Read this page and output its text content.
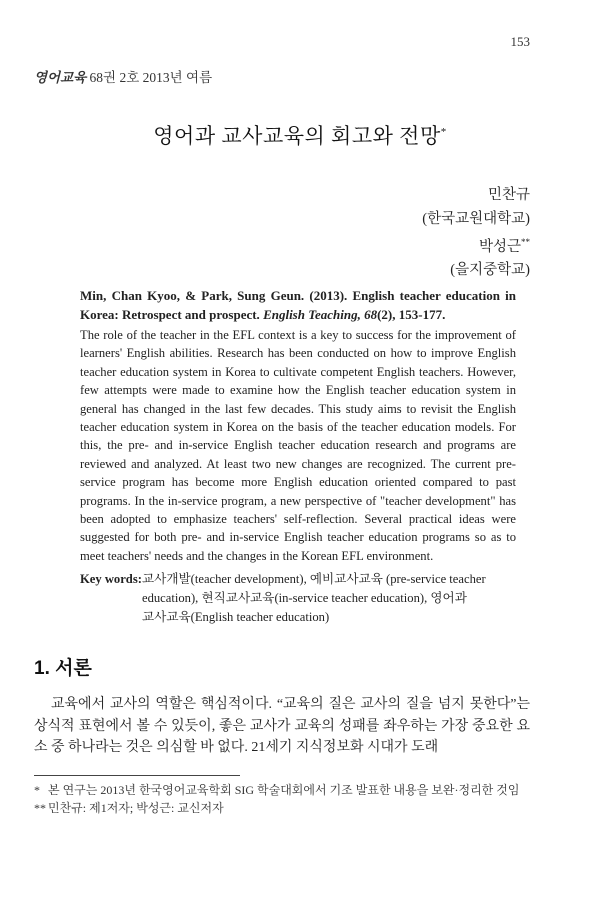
153
영어교육 68권 2호 2013년 여름
영어과 교사교육의 회고와 전망*
민찬규
(한국교원대학교)
박성근**
(을지중학교)
Min, Chan Kyoo, & Park, Sung Geun. (2013). English teacher education in Korea: Retrospect and prospect. English Teaching, 68(2), 153-177.
The role of the teacher in the EFL context is a key to success for the improvement of learners' English abilities. Research has been conducted on how to improve English teacher education system in Korea to cultivate competent English teachers. However, few attempts were made to examine how the English teacher education system in general has changed in the last few decades. This study aims to revisit the English teacher education system in Korea on the basis of the teacher education models. For this, the pre- and in-service English teacher education research and programs are reviewed and analyzed. At least two new changes are recognized. The current pre-service program has become more English education oriented compared to past programs. In the in-service program, a new perspective of "teacher development" has been adopted to emphasize teachers' self-reflection. Several practical ideas were suggested for both pre- and in-service English teacher education programs so as to meet teachers' needs and the changes in the Korean EFL environment.
Key words: 교사개발(teacher development), 예비교사교육 (pre-service teacher
education), 현직교사교육(in-service teacher education), 영어과
교사교육(English teacher education)
1. 서론
교육에서 교사의 역할은 핵심적이다. “교육의 질은 교사의 질을 넘지 못한다”는 상식적 표현에서 볼 수 있듯이, 좋은 교사가 교육의 성패를 좌우하는 가장 중요한 요소 중 하나라는 것은 의심할 바 없다. 21세기 지식정보화 시대가 도래
* 본 연구는 2013년 한국영어교육학회 SIG 학술대회에서 기조 발표한 내용을 보완·정리한 것임
** 민찬규: 제1저자; 박성근: 교신저자
